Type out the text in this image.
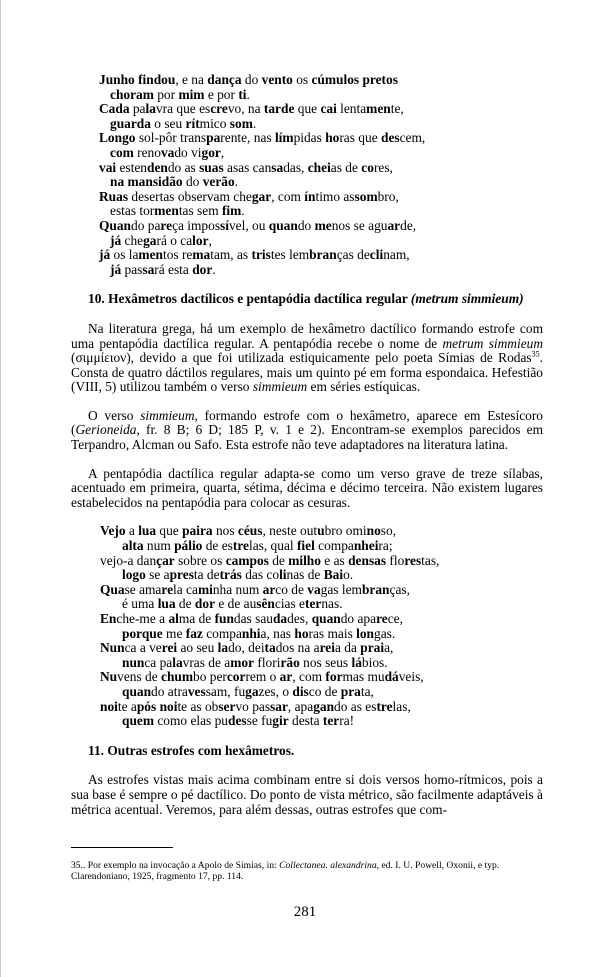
Junho findou, e na dança do vento os cúmulos pretos
choram por mim e por ti.
Cada palavra que escrevo, na tarde que cai lentamente,
guarda o seu rítmico som.
Longo sol-pôr transparente, nas límpidas horas que descem,
com renovado vigor,
vai estendendo as suas asas cansadas, cheias de cores,
na mansidão do verão.
Ruas desertas observam chegar, com íntimo assombro,
estas tormentas sem fim.
Quando pareça impossível, ou quando menos se aguarde,
já chegará o calor,
já os lamentos rematam, as tristes lembranças declinam,
já passará esta dor.
10. Hexâmetros dactílicos e pentapódia dactílica regular (metrum simmieum)

Na literatura grega, há um exemplo de hexâmetro dactílico formando estrofe com uma pentapódia dactílica regular. A pentapódia recebe o nome de metrum simmieum (σιμμίειον), devido a que foi utilizada estiquicamente pelo poeta Símias de Rodas$^{35}$. Consta de quatro dáctilos regulares, mais um quinto pé em forma espondaica. Hefestião (VIII, 5) utilizou também o verso simmieum em séries estíquicas.

O verso simmieum, formando estrofe com o hexâmetro, aparece em Estesícoro (Gerioneida, fr. 8 B; 6 D; 185 P, v. 1 e 2). Encontram-se exemplos parecidos em Terpandro, Alcman ou Safo. Esta estrofe não teve adaptadores na literatura latina.

A pentapódia dactílica regular adapta-se como um verso grave de treze sílabas, acentuado em primeira, quarta, sétima, décima e décimo terceira. Não existem lugares estabelecidos na pentapódia para colocar as cesuras.

Vejo a lua que paira nos céus, neste outubro ominoso,
alta num pálio de estrelas, qual fiel companheira;
vejo-a dançar sobre os campos de milho e as densas florestas,
logo se apresta detrás das colinas de Baio.
Quase amarela caminha num arco de vagas lembranças,
é uma lua de dor e de ausências eternas.
Enche-me a alma de fundas saudades, quando aparece,
porque me faz companhia, nas horas mais longas.
Nunca a verei ao seu lado, deitados na areia da praia,
nunca palavras de amor florirão nos seus lábios.
Nuvens de chumbo percorrem o ar, com formas mudáveis,
quando atravessam, fugazes, o disco de prata,
noite após noite as observo passar, apagando as estrelas,
quem como elas pudesse fugir desta terra!
11. Outras estrofes com hexâmetros.

As estrofes vistas mais acima combinam entre si dois versos homo-rítmicos, pois a sua base é sempre o pé dactílico. Do ponto de vista métrico, são facilmente adaptáveis à métrica acentual. Veremos, para além dessas, outras estrofes que com-

35.. Por exemplo na invocação a Apolo de Símias, in: Collectanea. alexandrina, ed. I. U. Powell, Oxonii, e typ. Clarendoniano, 1925, fragmento 17, pp. 114.
281
